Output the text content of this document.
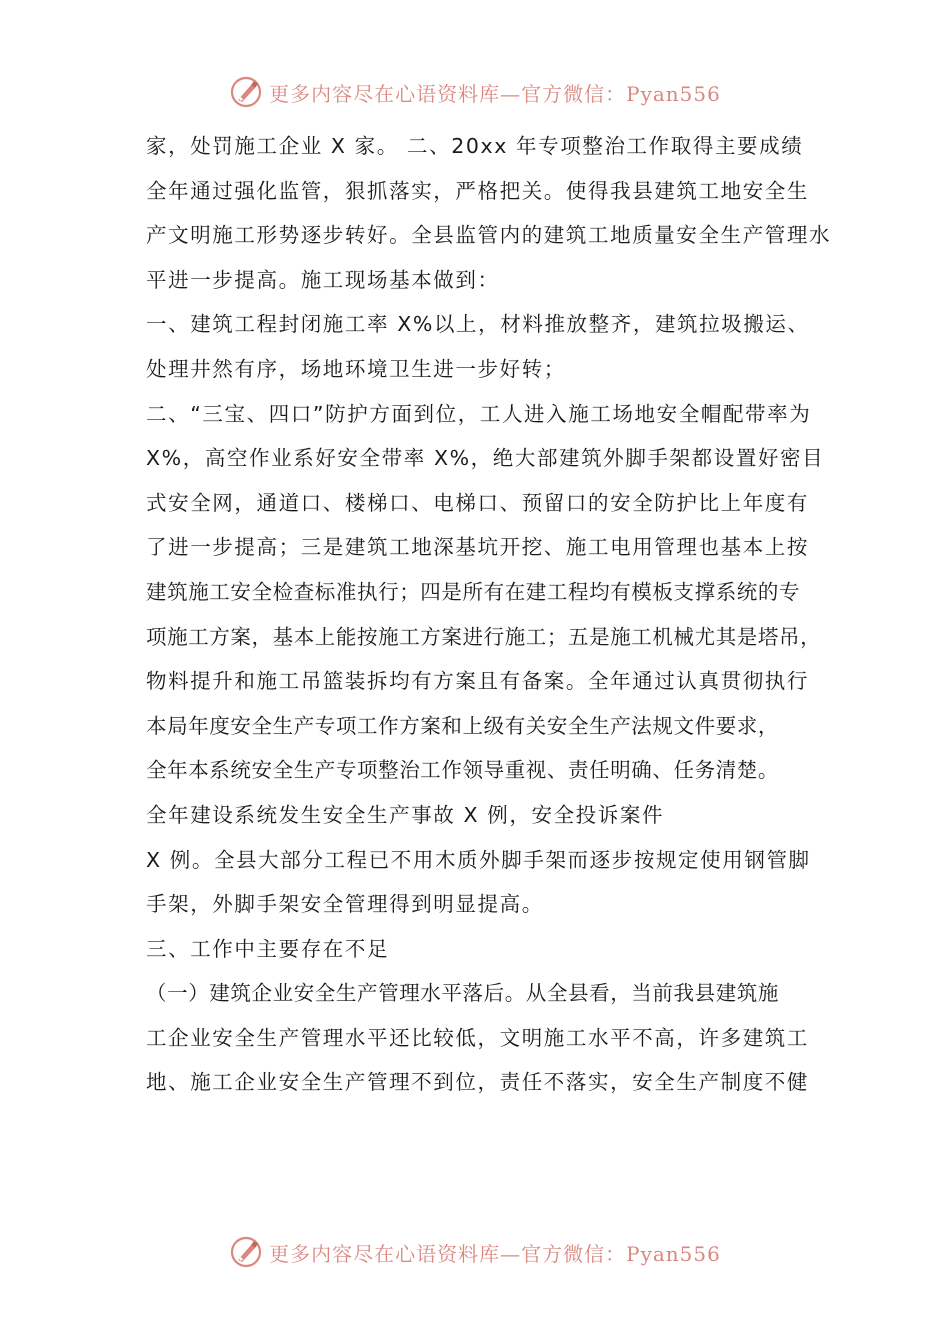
更多内容尽在心语资料库—官方微信：Pyan556
家，处罚施工企业 X 家。 二、20xx 年专项整治工作取得主要成绩
全年通过强化监管，狠抓落实，严格把关。使得我县建筑工地安全生
产文明施工形势逐步转好。全县监管内的建筑工地质量安全生产管理水
平进一步提高。施工现场基本做到：
一、建筑工程封闭施工率 X%以上，材料推放整齐，建筑拉圾搬运、
处理井然有序，场地环境卫生进一步好转；
二、“三宝、四口”防护方面到位，工人进入施工场地安全帽配带率为
X%，高空作业系好安全带率 X%，绝大部建筑外脚手架都设置好密目
式安全网，通道口、楼梯口、电梯口、预留口的安全防护比上年度有
了进一步提高；三是建筑工地深基坑开挖、施工电用管理也基本上按
建筑施工安全检查标准执行；四是所有在建工程均有模板支撑系统的专
项施工方案，基本上能按施工方案进行施工；五是施工机械尤其是塔吊，
物料提升和施工吊篮装拆均有方案且有备案。全年通过认真贯彻执行
本局年度安全生产专项工作方案和上级有关安全生产法规文件要求，
全年本系统安全生产专项整治工作领导重视、责任明确、任务清楚。
全年建设系统发生安全生产事故 X 例，安全投诉案件
X 例。全县大部分工程已不用木质外脚手架而逐步按规定使用钢管脚
手架，外脚手架安全管理得到明显提高。
三、工作中主要存在不足
（一）建筑企业安全生产管理水平落后。从全县看，当前我县建筑施
工企业安全生产管理水平还比较低，文明施工水平不高，许多建筑工
地、施工企业安全生产管理不到位，责任不落实，安全生产制度不健
更多内容尽在心语资料库—官方微信：Pyan556
